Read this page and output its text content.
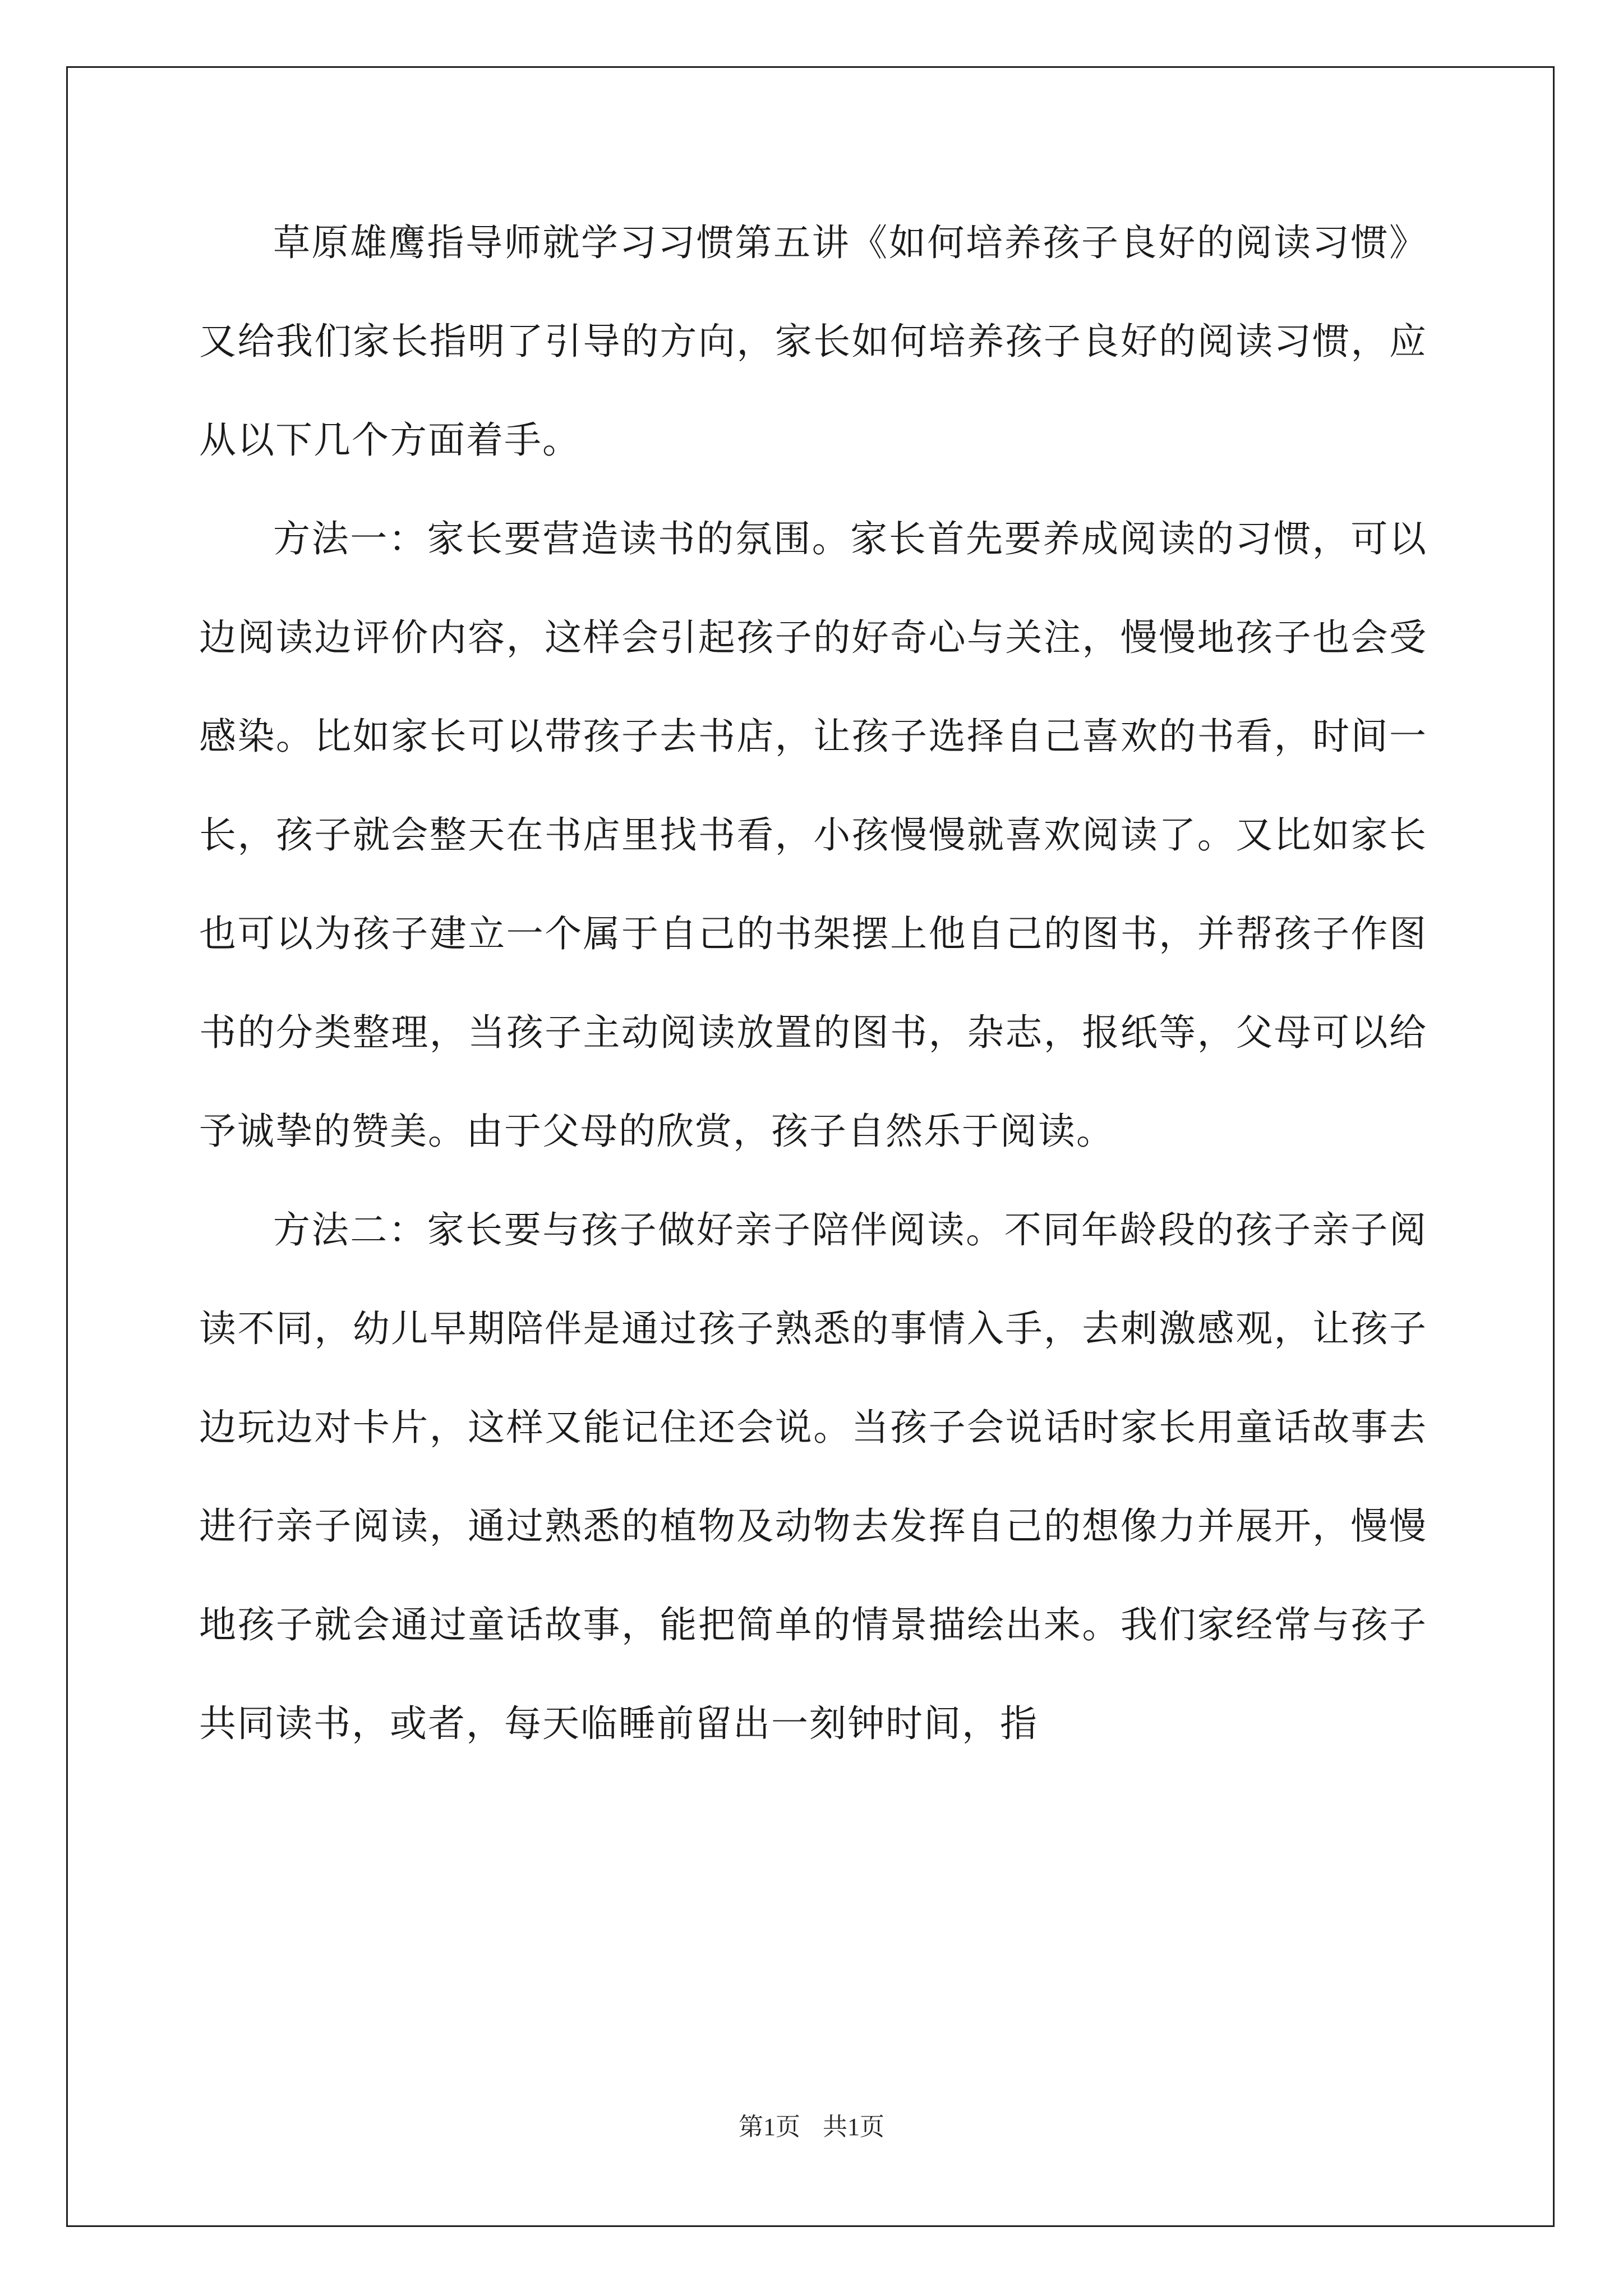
草原雄鹰指导师就学习习惯第五讲《如何培养孩子良好的阅读习惯》又给我们家长指明了引导的方向，家长如何培养孩子良好的阅读习惯，应从以下几个方面着手。

方法一：家长要营造读书的氛围。家长首先要养成阅读的习惯，可以边阅读边评价内容，这样会引起孩子的好奇心与关注，慢慢地孩子也会受感染。比如家长可以带孩子去书店，让孩子选择自己喜欢的书看，时间一长，孩子就会整天在书店里找书看，小孩慢慢就喜欢阅读了。又比如家长也可以为孩子建立一个属于自己的书架摆上他自己的图书，并帮孩子作图书的分类整理，当孩子主动阅读放置的图书，杂志，报纸等，父母可以给予诚挚的赞美。由于父母的欣赏，孩子自然乐于阅读。

方法二：家长要与孩子做好亲子陪伴阅读。不同年龄段的孩子亲子阅读不同，幼儿早期陪伴是通过孩子熟悉的事情入手，去刺激感观，让孩子边玩边对卡片，这样又能记住还会说。当孩子会说话时家长用童话故事去进行亲子阅读，通过熟悉的植物及动物去发挥自己的想像力并展开，慢慢地孩子就会通过童话故事，能把简单的情景描绘出来。我们家经常与孩子共同读书，或者，每天临睡前留出一刻钟时间，指

第1页 共1页
